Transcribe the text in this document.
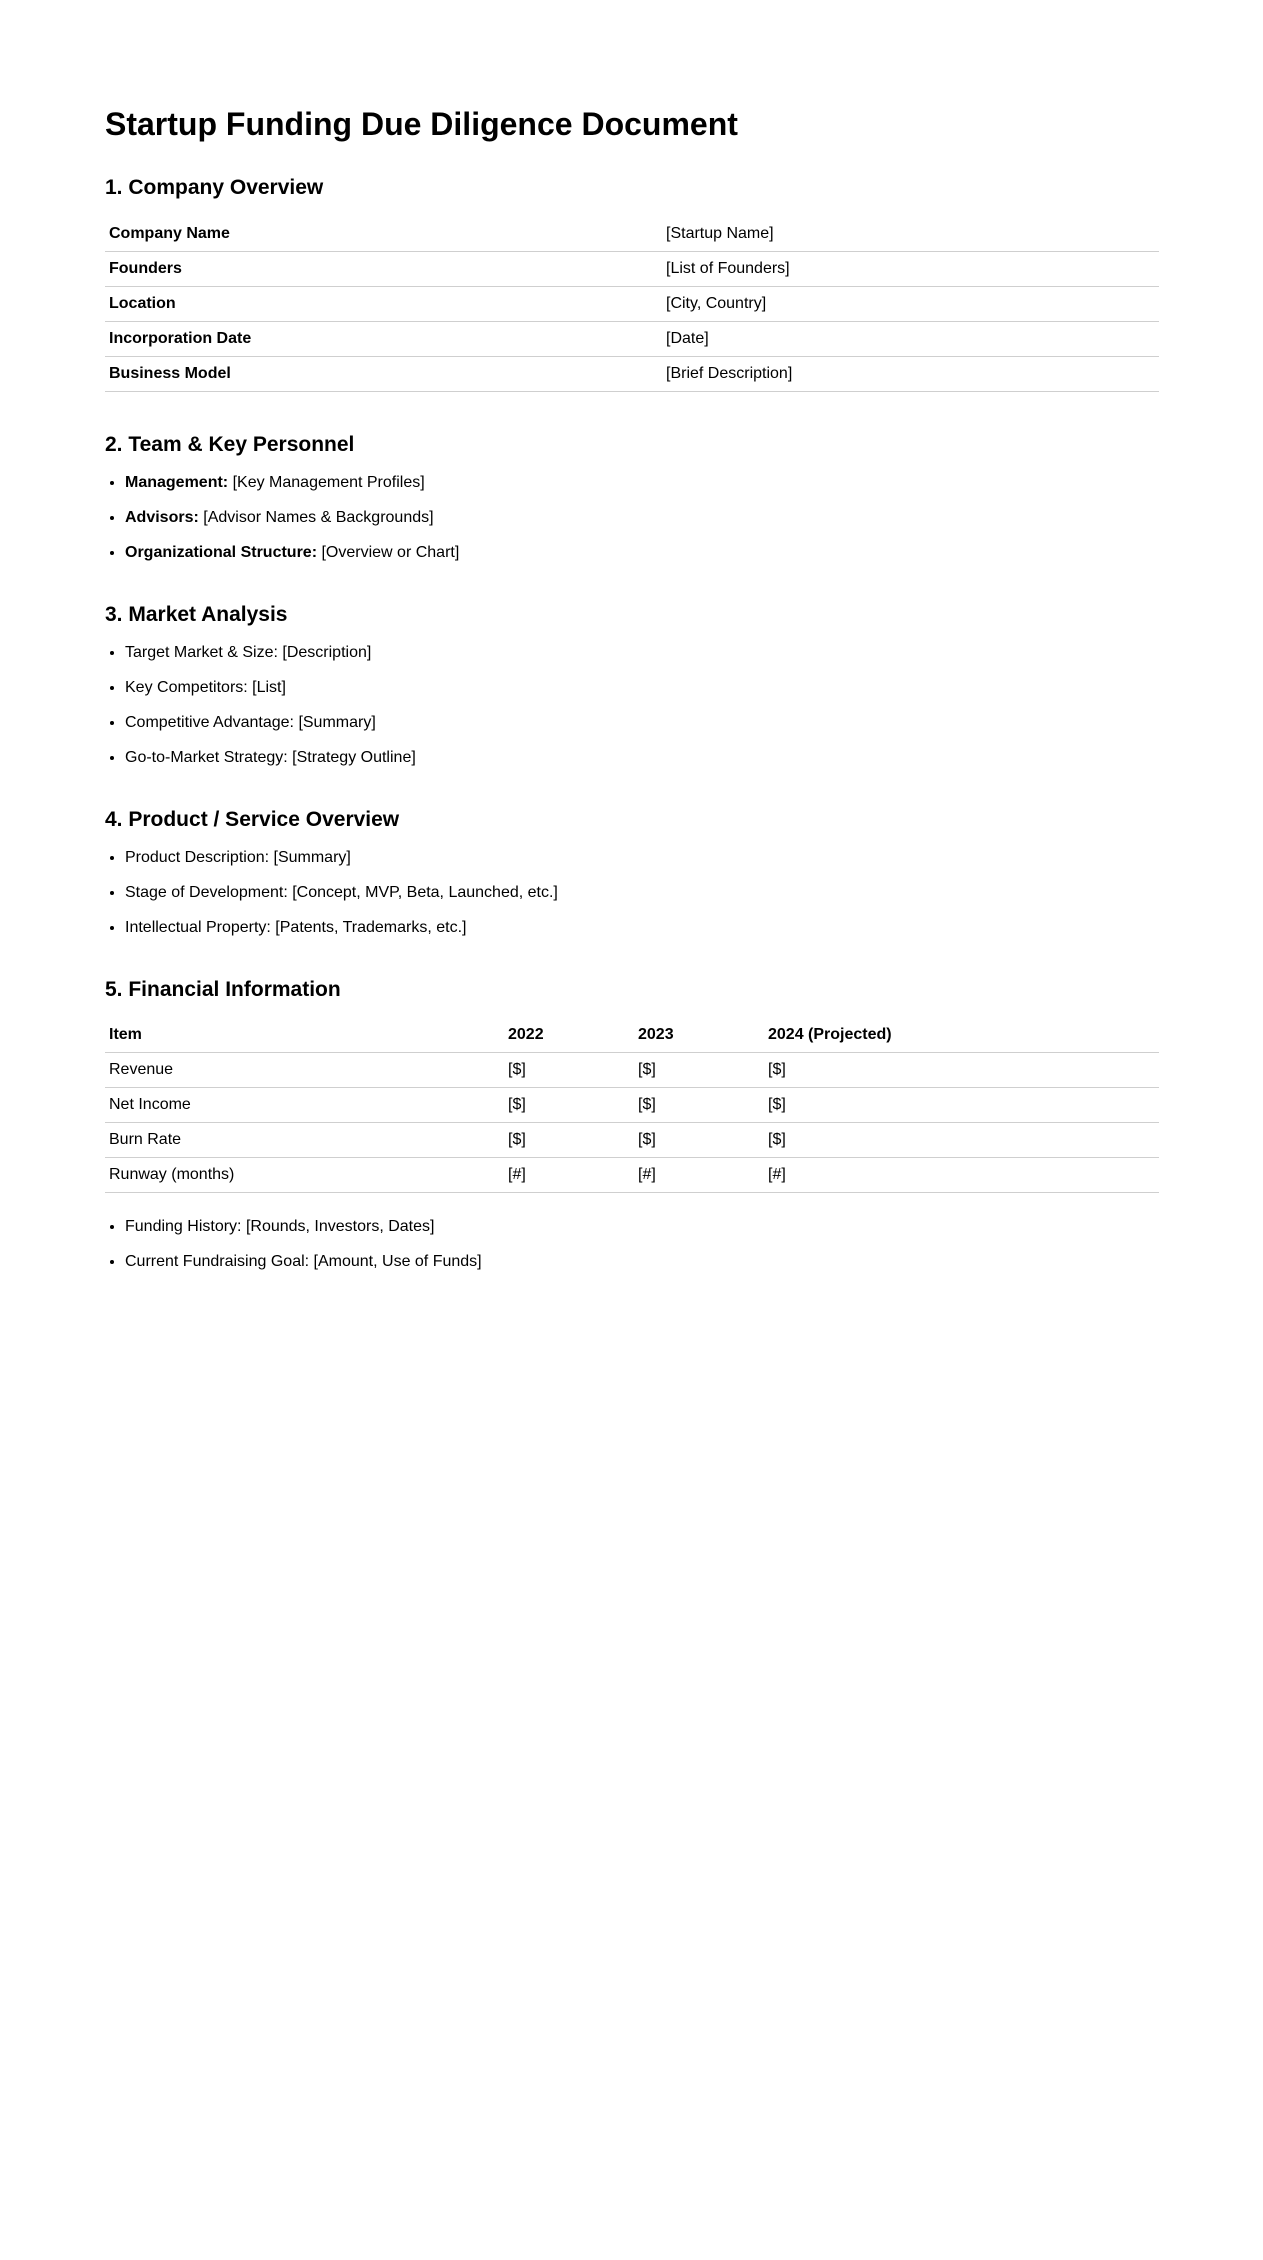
Startup Funding Due Diligence Document
1. Company Overview
Company Name	[Startup Name]
Founders	[List of Founders]
Location	[City, Country]
Incorporation Date	[Date]
Business Model	[Brief Description]
2. Team & Key Personnel
• Management: [Key Management Profiles]
• Advisors: [Advisor Names & Backgrounds]
• Organizational Structure: [Overview or Chart]
3. Market Analysis
• Target Market & Size: [Description]
• Key Competitors: [List]
• Competitive Advantage: [Summary]
• Go-to-Market Strategy: [Strategy Outline]
4. Product / Service Overview
• Product Description: [Summary]
• Stage of Development: [Concept, MVP, Beta, Launched, etc.]
• Intellectual Property: [Patents, Trademarks, etc.]
5. Financial Information
Item	2022	2023	2024 (Projected)
Revenue	[$]	[$]	[$]
Net Income	[$]	[$]	[$]
Burn Rate	[$]	[$]	[$]
Runway (months)	[#]	[#]	[#]
• Funding History: [Rounds, Investors, Dates]
• Current Fundraising Goal: [Amount, Use of Funds]
